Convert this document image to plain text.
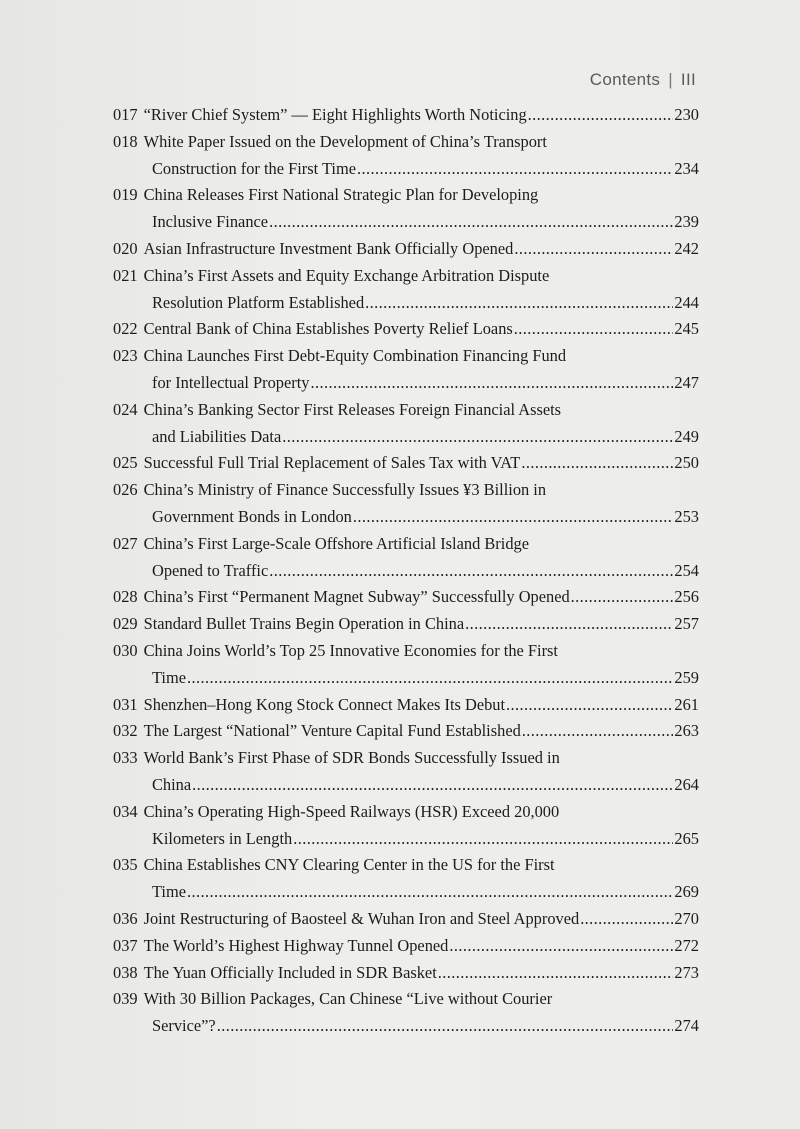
Contents | III
017 “River Chief System” — Eight Highlights Worth Noticing .....	230
018 White Paper Issued on the Development of China’s Transport
Construction for the First Time .....	234
019 China Releases First National Strategic Plan for Developing
Inclusive Finance .....	239
020 Asian Infrastructure Investment Bank Officially Opened .....	242
021 China’s First Assets and Equity Exchange Arbitration Dispute
Resolution Platform Established .....	244
022 Central Bank of China Establishes Poverty Relief Loans .....	245
023 China Launches First Debt-Equity Combination Financing Fund
for Intellectual Property .....	247
024 China’s Banking Sector First Releases Foreign Financial Assets
and Liabilities Data .....	249
025 Successful Full Trial Replacement of Sales Tax with VAT .....	250
026 China’s Ministry of Finance Successfully Issues ¥3 Billion in
Government Bonds in London .....	253
027 China’s First Large-Scale Offshore Artificial Island Bridge
Opened to Traffic .....	254
028 China’s First “Permanent Magnet Subway” Successfully Opened .....	256
029 Standard Bullet Trains Begin Operation in China .....	257
030 China Joins World’s Top 25 Innovative Economies for the First
Time .....	259
031 Shenzhen–Hong Kong Stock Connect Makes Its Debut .....	261
032 The Largest “National” Venture Capital Fund Established .....	263
033 World Bank’s First Phase of SDR Bonds Successfully Issued in
China .....	264
034 China’s Operating High-Speed Railways (HSR) Exceed 20,000
Kilometers in Length .....	265
035 China Establishes CNY Clearing Center in the US for the First
Time .....	269
036 Joint Restructuring of Baosteel & Wuhan Iron and Steel Approved .....	270
037 The World’s Highest Highway Tunnel Opened .....	272
038 The Yuan Officially Included in SDR Basket .....	273
039 With 30 Billion Packages, Can Chinese “Live without Courier
Service”? .....	274
